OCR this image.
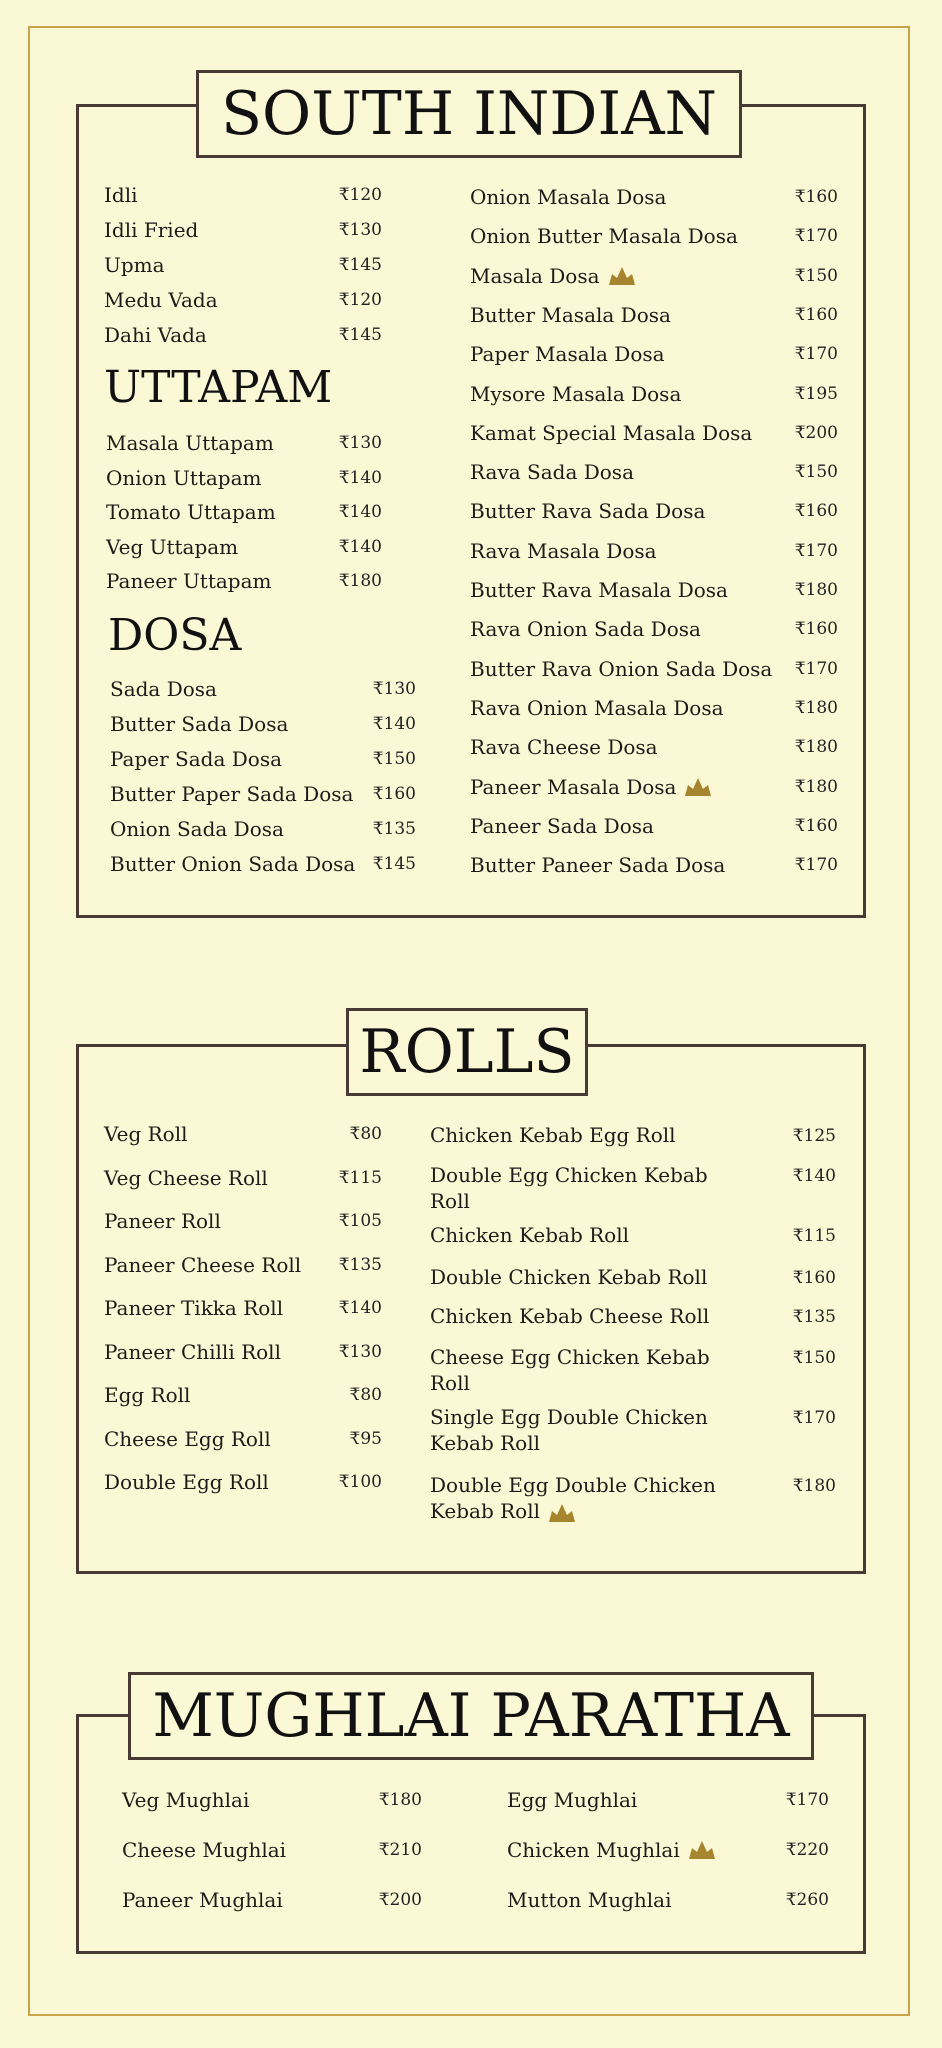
SOUTH INDIAN
Idli	₹120
Idli Fried	₹130
Upma	₹145
Medu Vada	₹120
Dahi Vada	₹145
UTTAPAM
Masala Uttapam	₹130
Onion Uttapam	₹140
Tomato Uttapam	₹140
Veg Uttapam	₹140
Paneer Uttapam	₹180
DOSA
Sada Dosa	₹130
Butter Sada Dosa	₹140
Paper Sada Dosa	₹150
Butter Paper Sada Dosa ₹160
Onion Sada Dosa	₹135
Butter Onion Sada Dosa ₹145
Onion Masala Dosa	₹160
Onion Butter Masala Dosa	₹170
Masala Dosa	₹150
Butter Masala Dosa	₹160
Paper Masala Dosa	₹170
Mysore Masala Dosa	₹195
Kamat Special Masala Dosa ₹200
Rava Sada Dosa	₹150
Butter Rava Sada Dosa	₹160
Rava Masala Dosa	₹170
Butter Rava Masala Dosa	₹180
Rava Onion Sada Dosa	₹160
Butter Rava Onion Sada Dosa ₹170
Rava Onion Masala Dosa	₹180
Rava Cheese Dosa	₹180
Paneer Masala Dosa	₹180
Paneer Sada Dosa	₹160
Butter Paneer Sada Dosa	₹170
ROLLS
Veg Roll	₹80
Veg Cheese Roll	₹115
Paneer Roll	₹105
Paneer Cheese Roll ₹135
Paneer Tikka Roll	₹140
Paneer Chilli Roll	₹130
Egg Roll	₹80
Cheese Egg Roll	₹95
Double Egg Roll	₹100
Chicken Kebab Egg Roll	₹125
Double Egg Chicken Kebab Roll
₹140
Chicken Kebab Roll	₹115
Double Chicken Kebab Roll	₹160
Chicken Kebab Cheese Roll	₹135
Cheese Egg Chicken Kebab Roll
₹150
Single Egg Double Chicken Kebab Roll
₹170
Double Egg Double Chicken Kebab Roll
₹180
MUGHLAI PARATHA
Veg Mughlai	₹180
Cheese Mughlai	₹210
Paneer Mughlai	₹200
Egg Mughlai	₹170
Chicken Mughlai	₹220
Mutton Mughlai	₹260
